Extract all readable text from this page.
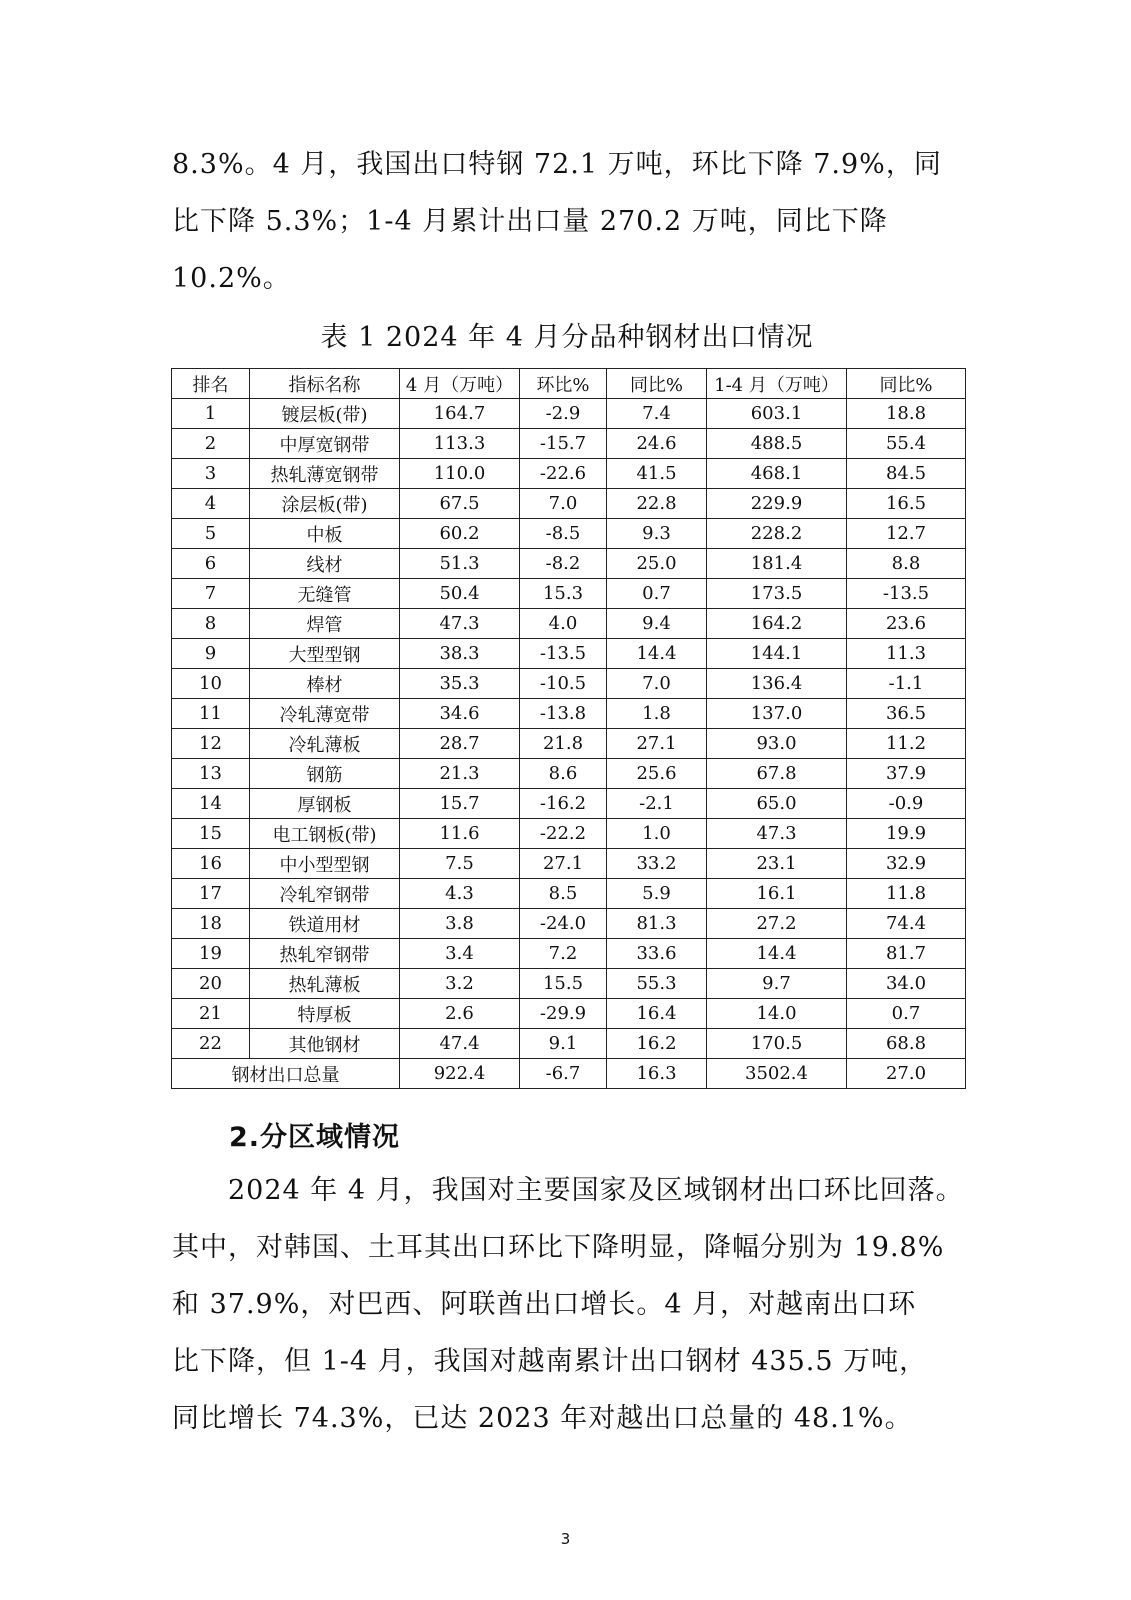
8.3%。4 月，我国出口特钢 72.1 万吨，环比下降 7.9%，同
比下降 5.3%；1-4 月累计出口量 270.2 万吨，同比下降
10.2%。

表 1 2024 年 4 月分品种钢材出口情况
排名	指标名称	4 月（万吨）	环比%	同比%	1-4 月（万吨）	同比%
1	镀层板(带)	164.7	-2.9	7.4	603.1	18.8
2	中厚宽钢带	113.3	-15.7	24.6	488.5	55.4
3	热轧薄宽钢带	110.0	-22.6	41.5	468.1	84.5
4	涂层板(带)	67.5	7.0	22.8	229.9	16.5
5	中板	60.2	-8.5	9.3	228.2	12.7
6	线材	51.3	-8.2	25.0	181.4	8.8
7	无缝管	50.4	15.3	0.7	173.5	-13.5
8	焊管	47.3	4.0	9.4	164.2	23.6
9	大型型钢	38.3	-13.5	14.4	144.1	11.3
10	棒材	35.3	-10.5	7.0	136.4	-1.1
11	冷轧薄宽带	34.6	-13.8	1.8	137.0	36.5
12	冷轧薄板	28.7	21.8	27.1	93.0	11.2
13	钢筋	21.3	8.6	25.6	67.8	37.9
14	厚钢板	15.7	-16.2	-2.1	65.0	-0.9
15	电工钢板(带)	11.6	-22.2	1.0	47.3	19.9
16	中小型型钢	7.5	27.1	33.2	23.1	32.9
17	冷轧窄钢带	4.3	8.5	5.9	16.1	11.8
18	铁道用材	3.8	-24.0	81.3	27.2	74.4
19	热轧窄钢带	3.4	7.2	33.6	14.4	81.7
20	热轧薄板	3.2	15.5	55.3	9.7	34.0
21	特厚板	2.6	-29.9	16.4	14.0	0.7
22	其他钢材	47.4	9.1	16.2	170.5	68.8
钢材出口总量		922.4	-6.7	16.3	3502.4	27.0
2.分区域情况

　　2024 年 4 月，我国对主要国家及区域钢材出口环比回落。
其中，对韩国、土耳其出口环比下降明显，降幅分别为 19.8%
和 37.9%，对巴西、阿联酋出口增长。4 月，对越南出口环
比下降，但 1-4 月，我国对越南累计出口钢材 435.5 万吨，
同比增长 74.3%，已达 2023 年对越出口总量的 48.1%。

3
